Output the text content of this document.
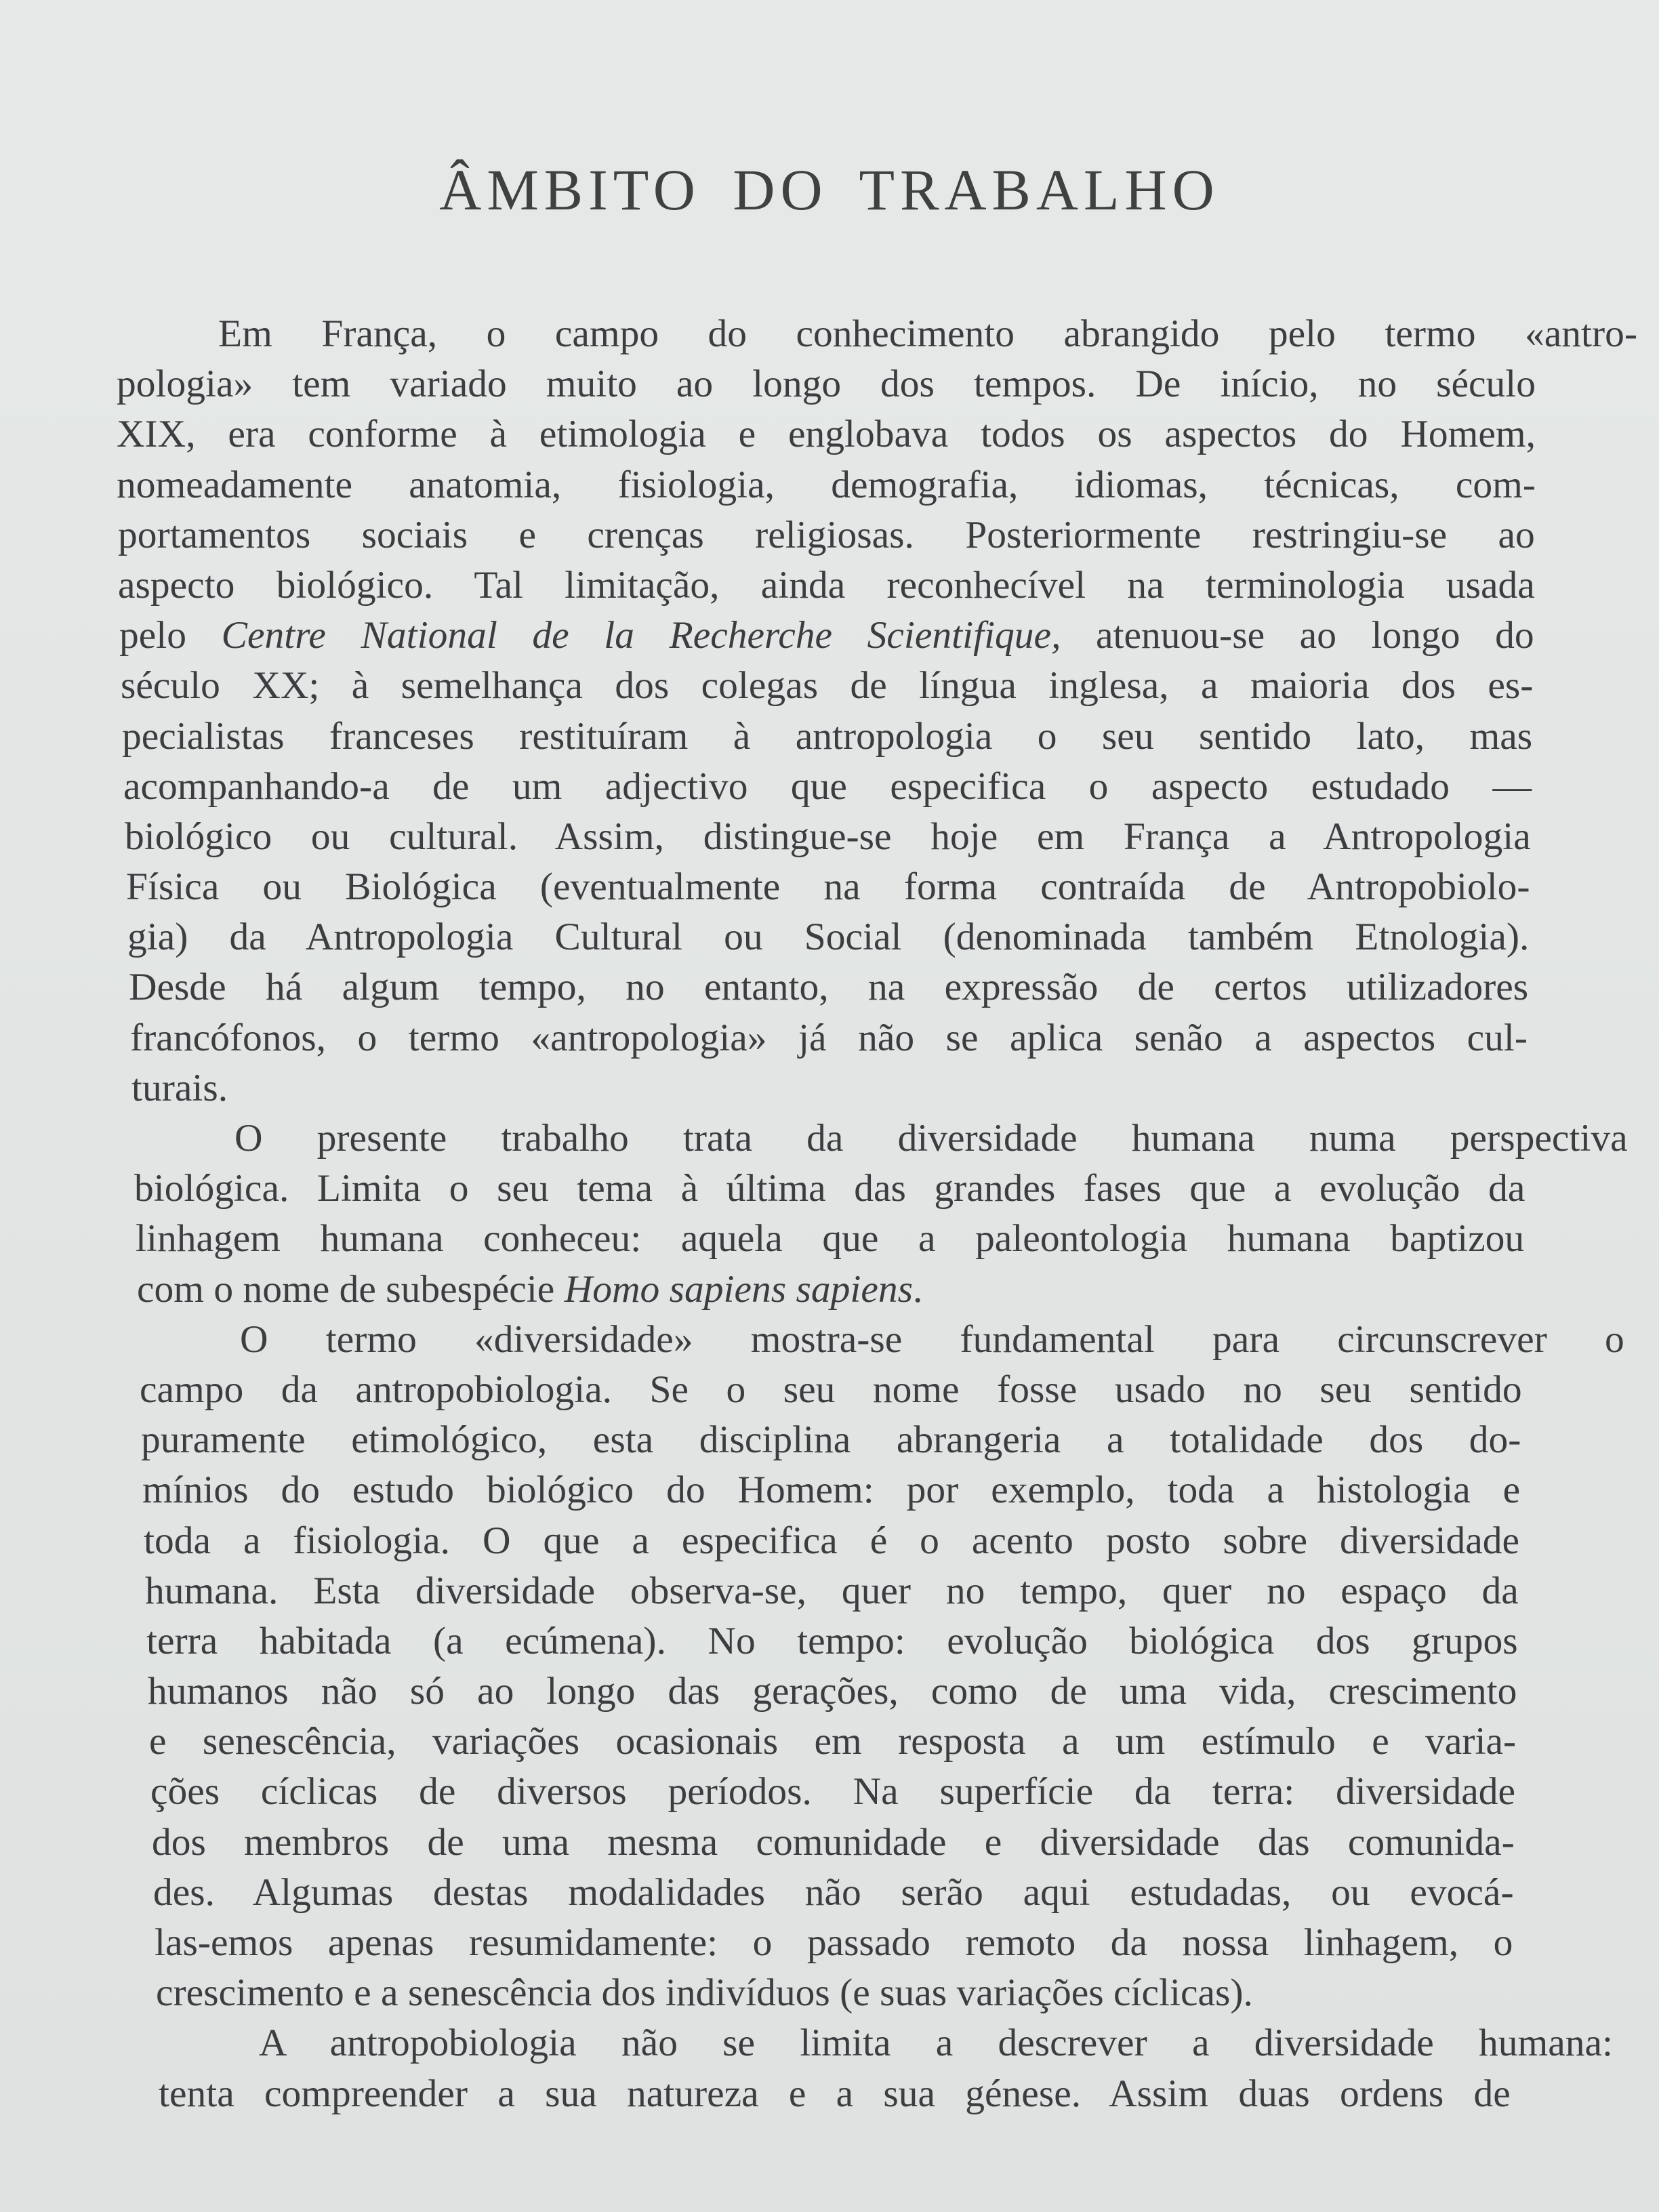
ÂMBITO DO TRABALHO
Em França, o campo do conhecimento abrangido pelo termo «antro-
pologia» tem variado muito ao longo dos tempos. De início, no século
XIX, era conforme à etimologia e englobava todos os aspectos do Homem,
nomeadamente anatomia, fisiologia, demografia, idiomas, técnicas, com-
portamentos sociais e crenças religiosas. Posteriormente restringiu-se ao
aspecto biológico. Tal limitação, ainda reconhecível na terminologia usada
pelo Centre National de la Recherche Scientifique, atenuou-se ao longo do
século XX; à semelhança dos colegas de língua inglesa, a maioria dos es-
pecialistas franceses restituíram à antropologia o seu sentido lato, mas
acompanhando-a de um adjectivo que especifica o aspecto estudado —
biológico ou cultural. Assim, distingue-se hoje em França a Antropologia
Física ou Biológica (eventualmente na forma contraída de Antropobiolo-
gia) da Antropologia Cultural ou Social (denominada também Etnologia).
Desde há algum tempo, no entanto, na expressão de certos utilizadores
francófonos, o termo «antropologia» já não se aplica senão a aspectos cul-
turais.
O presente trabalho trata da diversidade humana numa perspectiva
biológica. Limita o seu tema à última das grandes fases que a evolução da
linhagem humana conheceu: aquela que a paleontologia humana baptizou
com o nome de subespécie Homo sapiens sapiens.
O termo «diversidade» mostra-se fundamental para circunscrever o
campo da antropobiologia. Se o seu nome fosse usado no seu sentido
puramente etimológico, esta disciplina abrangeria a totalidade dos do-
mínios do estudo biológico do Homem: por exemplo, toda a histologia e
toda a fisiologia. O que a especifica é o acento posto sobre diversidade
humana. Esta diversidade observa-se, quer no tempo, quer no espaço da
terra habitada (a ecúmena). No tempo: evolução biológica dos grupos
humanos não só ao longo das gerações, como de uma vida, crescimento
e senescência, variações ocasionais em resposta a um estímulo e varia-
ções cíclicas de diversos períodos. Na superfície da terra: diversidade
dos membros de uma mesma comunidade e diversidade das comunida-
des. Algumas destas modalidades não serão aqui estudadas, ou evocá-
las-emos apenas resumidamente: o passado remoto da nossa linhagem, o
crescimento e a senescência dos indivíduos (e suas variações cíclicas).
A antropobiologia não se limita a descrever a diversidade humana:
tenta compreender a sua natureza e a sua génese. Assim duas ordens de
